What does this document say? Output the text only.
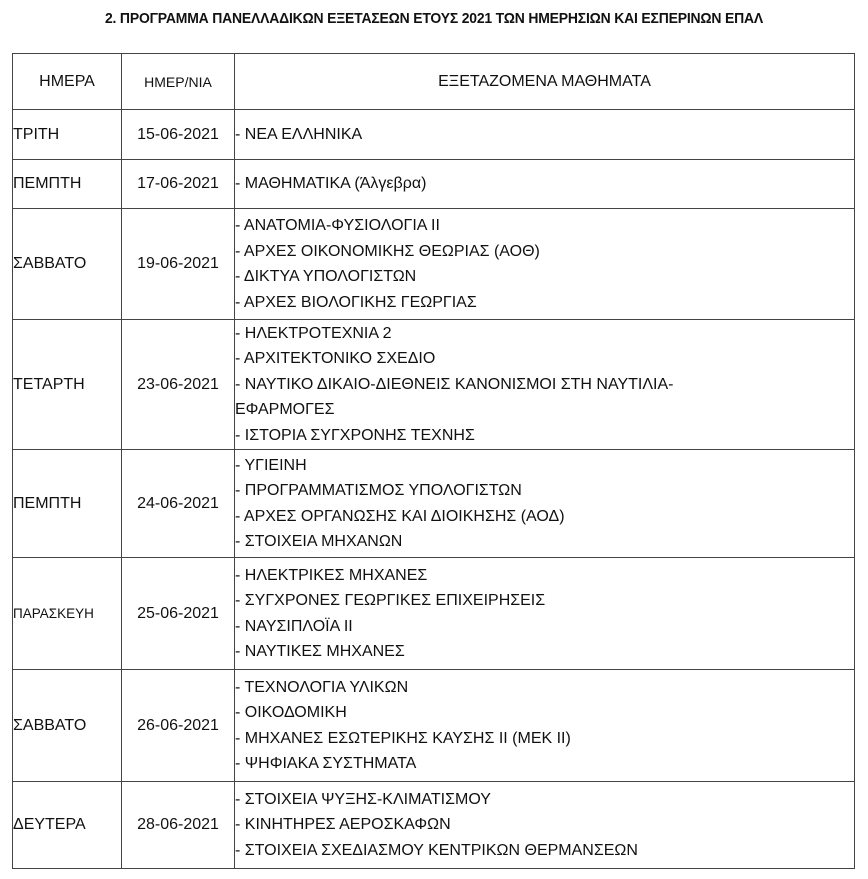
2. ΠΡΟΓΡΑΜΜΑ ΠΑΝΕΛΛΑΔΙΚΩΝ ΕΞΕΤΑΣΕΩΝ ΕΤΟΥΣ 2021 ΤΩΝ ΗΜΕΡΗΣΙΩΝ ΚΑΙ ΕΣΠΕΡΙΝΩΝ ΕΠΑΛ
ΗΜΕΡΑ	ΗΜΕΡ/ΝΙΑ	ΕΞΕΤΑΖΟΜΕΝΑ ΜΑΘΗΜΑΤΑ
ΤΡΙΤΗ	15-06-2021	- ΝΕΑ ΕΛΛΗΝΙΚΑ

ΠΕΜΠΤΗ	17-06-2021	- ΜΑΘΗΜΑΤΙΚΑ (Άλγεβρα)

ΣΑΒΒΑΤΟ	19-06-2021	- ΑΝΑΤΟΜΙΑ-ΦΥΣΙΟΛΟΓΙΑ ΙΙ
- ΑΡΧΕΣ ΟΙΚΟΝΟΜΙΚΗΣ ΘΕΩΡΙΑΣ (ΑΟΘ)
- ΔΙΚΤΥΑ ΥΠΟΛΟΓΙΣΤΩΝ
- ΑΡΧΕΣ ΒΙΟΛΟΓΙΚΗΣ ΓΕΩΡΓΙΑΣ

ΤΕΤΑΡΤΗ	23-06-2021	- ΗΛΕΚΤΡΟΤΕΧΝΙΑ 2
- ΑΡΧΙΤΕΚΤΟΝΙΚΟ ΣΧΕΔΙΟ
- ΝΑΥΤΙΚΟ ΔΙΚΑΙΟ-ΔΙΕΘΝΕΙΣ ΚΑΝΟΝΙΣΜΟΙ ΣΤΗ ΝΑΥΤΙΛΙΑ-
ΕΦΑΡΜΟΓΕΣ
- ΙΣΤΟΡΙΑ ΣΥΓΧΡΟΝΗΣ ΤΕΧΝΗΣ

ΠΕΜΠΤΗ	24-06-2021	- ΥΓΙΕΙΝΗ
- ΠΡΟΓΡΑΜΜΑΤΙΣΜΟΣ ΥΠΟΛΟΓΙΣΤΩΝ
- ΑΡΧΕΣ ΟΡΓΑΝΩΣΗΣ ΚΑΙ ΔΙΟΙΚΗΣΗΣ (ΑΟΔ)
- ΣΤΟΙΧΕΙΑ ΜΗΧΑΝΩΝ

ΠΑΡΑΣΚΕΥΗ	25-06-2021	- ΗΛΕΚΤΡΙΚΕΣ ΜΗΧΑΝΕΣ
- ΣΥΓΧΡΟΝΕΣ ΓΕΩΡΓΙΚΕΣ ΕΠΙΧΕΙΡΗΣΕΙΣ
- ΝΑΥΣΙΠΛΟΪΑ ΙΙ
- ΝΑΥΤΙΚΕΣ ΜΗΧΑΝΕΣ

ΣΑΒΒΑΤΟ	26-06-2021	- ΤΕΧΝΟΛΟΓΙΑ ΥΛΙΚΩΝ
- ΟΙΚΟΔΟΜΙΚΗ
- ΜΗΧΑΝΕΣ ΕΣΩΤΕΡΙΚΗΣ ΚΑΥΣΗΣ ΙΙ (ΜΕΚ ΙΙ)
- ΨΗΦΙΑΚΑ ΣΥΣΤΗΜΑΤΑ

ΔΕΥΤΕΡΑ	28-06-2021	- ΣΤΟΙΧΕΙΑ ΨΥΞΗΣ-ΚΛΙΜΑΤΙΣΜΟΥ
- ΚΙΝΗΤΗΡΕΣ ΑΕΡΟΣΚΑΦΩΝ
- ΣΤΟΙΧΕΙΑ ΣΧΕΔΙΑΣΜΟΥ ΚΕΝΤΡΙΚΩΝ ΘΕΡΜΑΝΣΕΩΝ
